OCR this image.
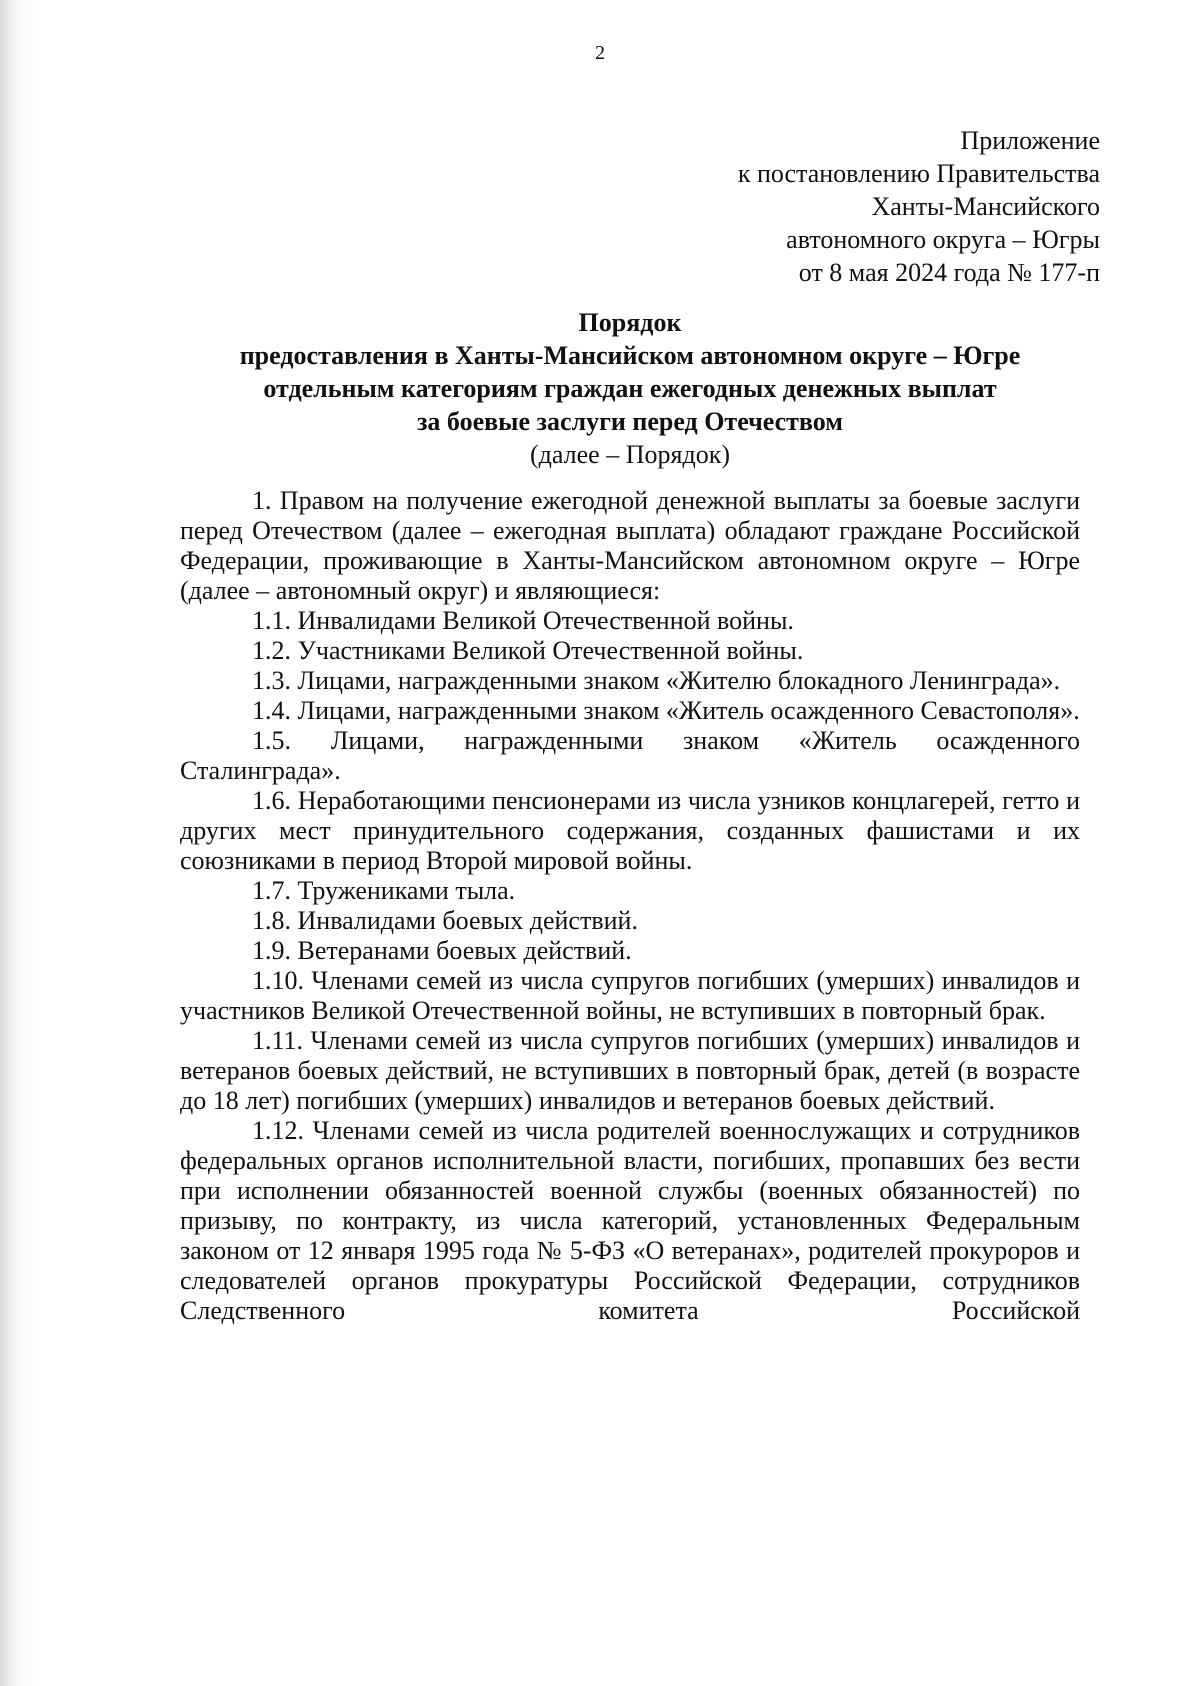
2
Приложение
к постановлению Правительства
Ханты-Мансийского
автономного округа – Югры
от 8 мая 2024 года № 177-п
Порядок
предоставления в Ханты-Мансийском автономном округе – Югре
отдельным категориям граждан ежегодных денежных выплат
за боевые заслуги перед Отечеством
(далее – Порядок)

1. Правом на получение ежегодной денежной выплаты за боевые заслуги перед Отечеством (далее – ежегодная выплата) обладают граждане Российской Федерации, проживающие в Ханты-Мансийском автономном округе – Югре (далее – автономный округ) и являющиеся:

1.1. Инвалидами Великой Отечественной войны.

1.2. Участниками Великой Отечественной войны.

1.3. Лицами, награжденными знаком «Жителю блокадного Ленинграда».

1.4. Лицами, награжденными знаком «Житель осажденного Севастополя».

1.5. Лицами, награжденными знаком «Житель осажденного Сталинграда».

1.6. Неработающими пенсионерами из числа узников концлагерей, гетто и других мест принудительного содержания, созданных фашистами и их союзниками в период Второй мировой войны.

1.7. Тружениками тыла.

1.8. Инвалидами боевых действий.

1.9. Ветеранами боевых действий.

1.10. Членами семей из числа супругов погибших (умерших) инвалидов и участников Великой Отечественной войны, не вступивших в повторный брак.

1.11. Членами семей из числа супругов погибших (умерших) инвалидов и ветеранов боевых действий, не вступивших в повторный брак, детей (в возрасте до 18 лет) погибших (умерших) инвалидов и ветеранов боевых действий.

1.12. Членами семей из числа родителей военнослужащих и сотрудников федеральных органов исполнительной власти, погибших, пропавших без вести при исполнении обязанностей военной службы (военных обязанностей) по призыву, по контракту, из числа категорий, установленных Федеральным законом от 12 января 1995 года № 5-ФЗ «О ветеранах», родителей прокуроров и следователей органов прокуратуры Российской Федерации, сотрудников Следственного комитета Российской
